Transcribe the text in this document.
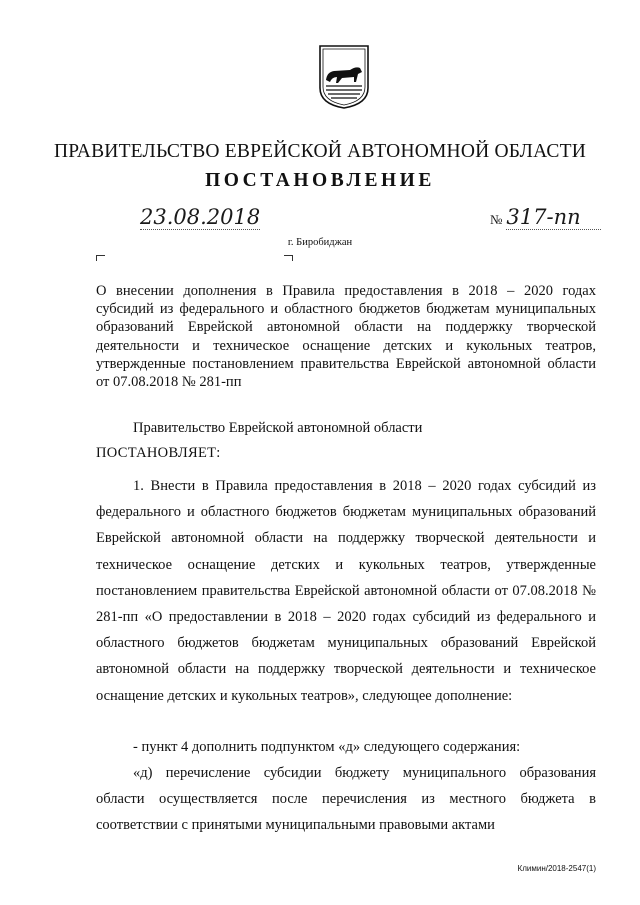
ПРАВИТЕЛЬСТВО ЕВРЕЙСКОЙ АВТОНОМНОЙ ОБЛАСТИ
ПОСТАНОВЛЕНИЕ
23.08.2018	№ 317-пп
г. Биробиджан
О внесении дополнения в Правила предоставления в 2018 – 2020 годах субсидий из федерального и областного бюджетов бюджетам муниципальных образований Еврейской автономной области на поддержку творческой деятельности и техническое оснащение детских и кукольных театров, утвержденные постановлением правительства Еврейской автономной области от 07.08.2018 № 281-пп
Правительство Еврейской автономной области
ПОСТАНОВЛЯЕТ:
1. Внести в Правила предоставления в 2018 – 2020 годах субсидий из федерального и областного бюджетов бюджетам муниципальных образований Еврейской автономной области на поддержку творческой деятельности и техническое оснащение детских и кукольных театров, утвержденные постановлением правительства Еврейской автономной области от 07.08.2018 № 281-пп «О предоставлении в 2018 – 2020 годах субсидий из федерального и областного бюджетов бюджетам муниципальных образований Еврейской автономной области на поддержку творческой деятельности и техническое оснащение детских и кукольных театров», следующее дополнение:
- пункт 4 дополнить подпунктом «д» следующего содержания:
«д) перечисление субсидии бюджету муниципального образования области осуществляется после перечисления из местного бюджета в соответствии с принятыми муниципальными правовыми актами
Климин/2018-2547(1)
